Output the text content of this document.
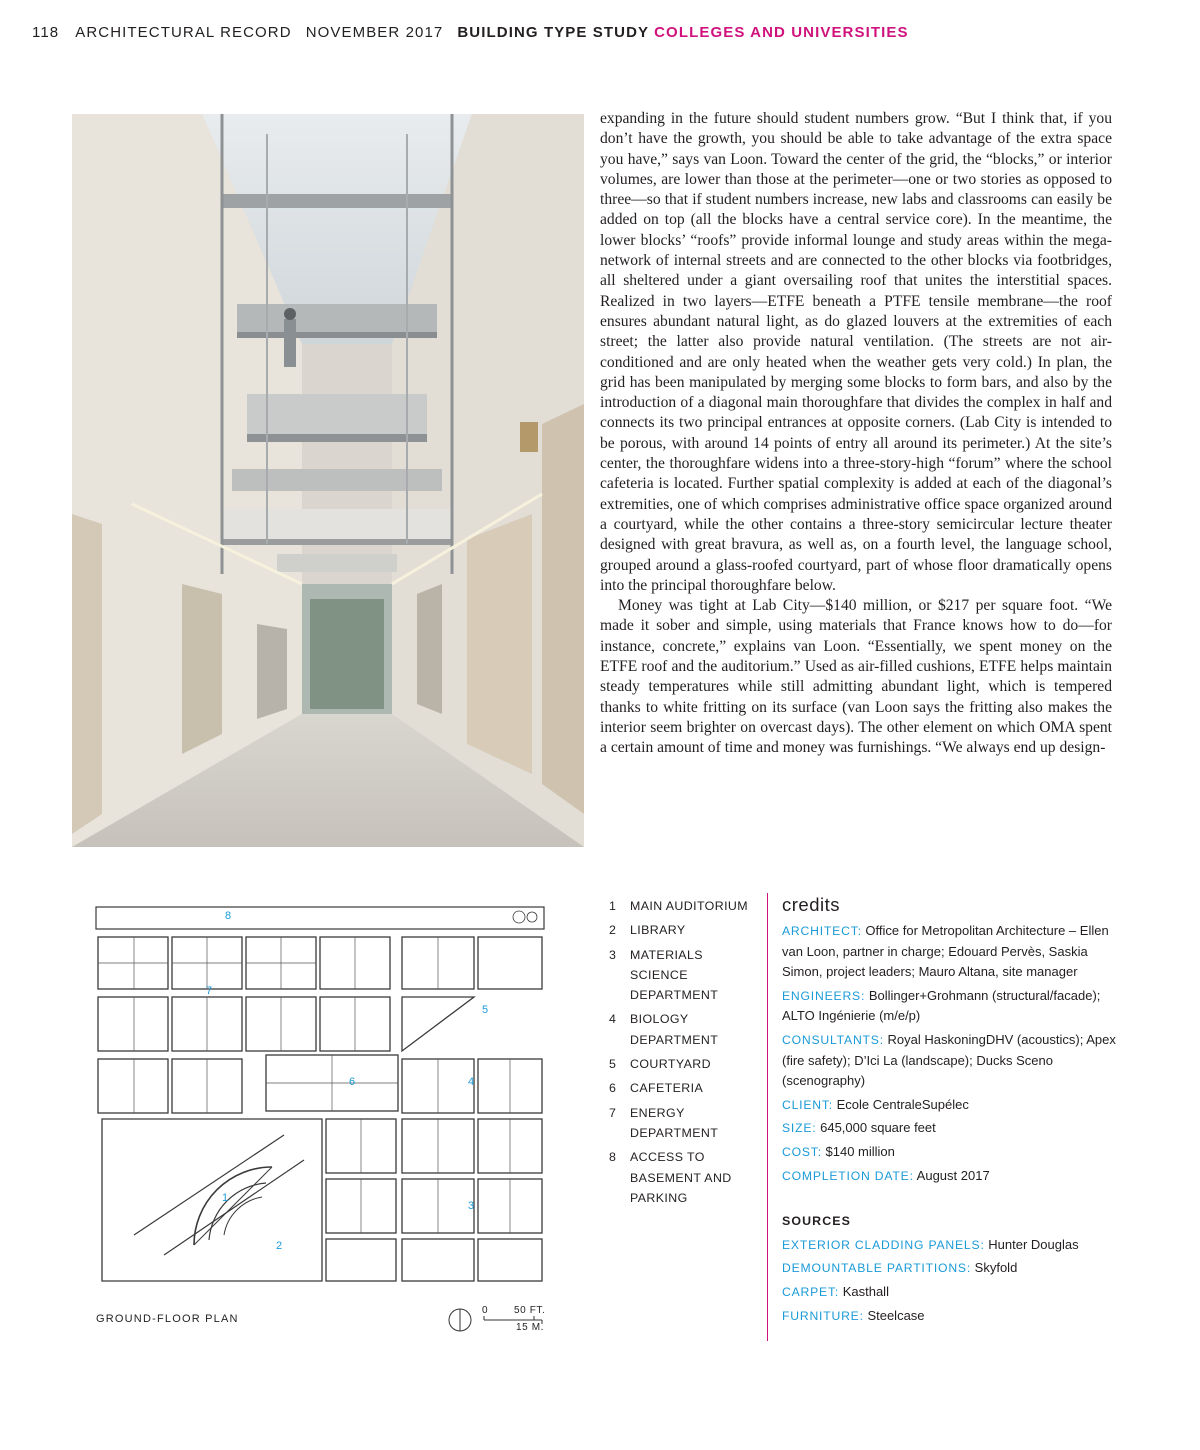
118 ARCHITECTURAL RECORD NOVEMBER 2017 BUILDING TYPE STUDY COLLEGES AND UNIVERSITIES

expanding in the future should student numbers grow. “But I think that, if you don’t have the growth, you should be able to take advantage of the extra space you have,” says van Loon. Toward the center of the grid, the “blocks,” or interior volumes, are lower than those at the perimeter—one or two stories as opposed to three—so that if student numbers increase, new labs and classrooms can easily be added on top (all the blocks have a central service core). In the meantime, the lower blocks’ “roofs” provide informal lounge and study areas within the mega-network of internal streets and are connected to the other blocks via footbridges, all sheltered under a giant oversailing roof that unites the interstitial spaces. Realized in two layers—ETFE beneath a PTFE tensile membrane—the roof ensures abundant natural light, as do glazed louvers at the extremities of each street; the latter also provide natural ventilation. (The streets are not air-conditioned and are only heated when the weather gets very cold.) In plan, the grid has been manipulated by merging some blocks to form bars, and also by the introduction of a diagonal main thoroughfare that divides the complex in half and connects its two principal entrances at opposite corners. (Lab City is intended to be porous, with around 14 points of entry all around its perimeter.) At the site’s center, the thoroughfare widens into a three-story-high “forum” where the school cafeteria is located. Further spatial complexity is added at each of the diagonal’s extremities, one of which comprises administrative office space organized around a courtyard, while the other contains a three-story semicircular lecture theater designed with great bravura, as well as, on a fourth level, the language school, grouped around a glass-roofed courtyard, part of whose floor dramatically opens into the principal thoroughfare below.

Money was tight at Lab City—$140 million, or $217 per square foot. “We made it sober and simple, using materials that France knows how to do—for instance, concrete,” explains van Loon. “Essentially, we spent money on the ETFE roof and the auditorium.” Used as air-filled cushions, ETFE helps maintain steady temperatures while still admitting abundant light, which is tempered thanks to white fritting on its surface (van Loon says the fritting also makes the interior seem brighter on overcast days). The other element on which OMA spent a certain amount of time and money was furnishings. “We always end up design-

8
7
5
6	4
1
3
2
GROUND-FLOOR PLAN
0	50 FT.
15 M.
1	MAIN AUDITORIUM
2	LIBRARY
3	MATERIALS SCIENCE DEPARTMENT
4	BIOLOGY DEPARTMENT
5	COURTYARD
6	CAFETERIA
7	ENERGY DEPARTMENT
8	ACCESS TO BASEMENT AND PARKING
credits
ARCHITECT: Office for Metropolitan Architecture – Ellen van Loon, partner in charge; Edouard Pervès, Saskia Simon, project leaders; Mauro Altana, site manager
ENGINEERS: Bollinger+Grohmann (structural/facade); ALTO Ingénierie (m/e/p)
CONSULTANTS: Royal HaskoningDHV (acoustics); Apex (fire safety); D’Ici La (landscape); Ducks Sceno (scenography)
CLIENT: Ecole CentraleSupélec
SIZE: 645,000 square feet
COST: $140 million
COMPLETION DATE: August 2017
SOURCES
EXTERIOR CLADDING PANELS: Hunter Douglas
DEMOUNTABLE PARTITIONS: Skyfold
CARPET: Kasthall
FURNITURE: Steelcase
